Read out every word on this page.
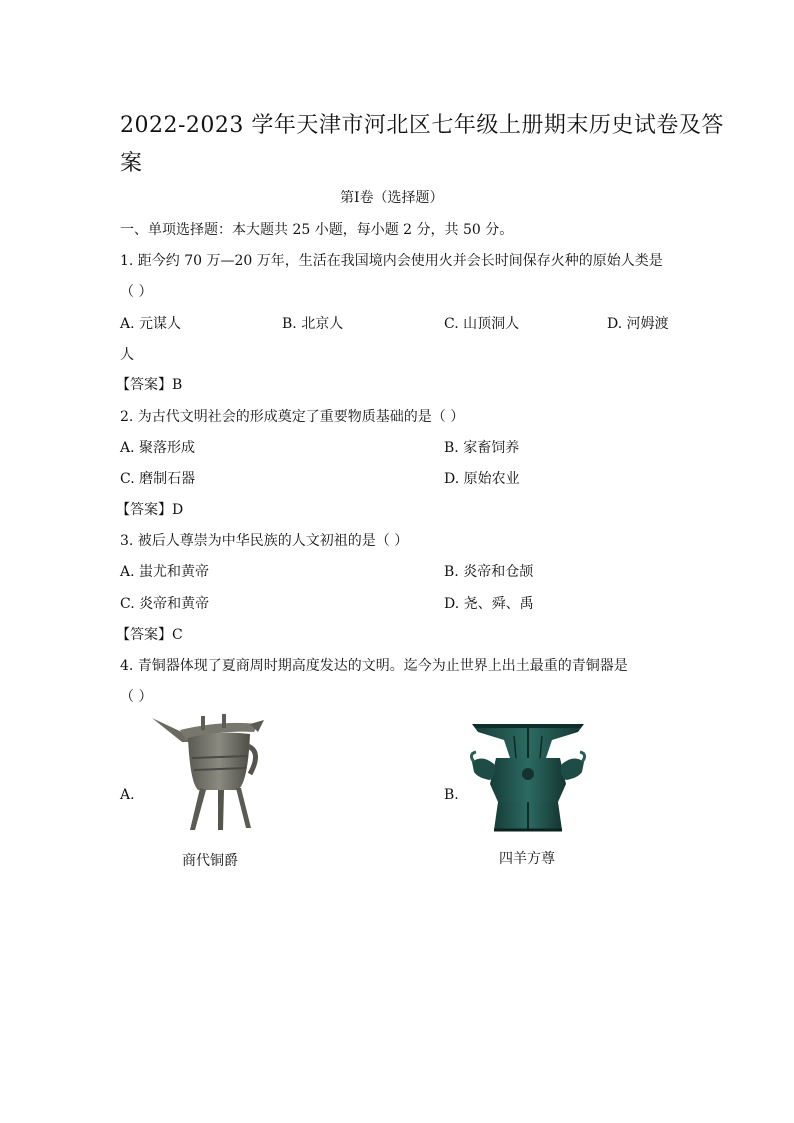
2022-2023 学年天津市河北区七年级上册期末历史试卷及答
案
第Ⅰ卷（选择题）
一、单项选择题：本大题共 25 小题，每小题 2 分，共 50 分。
1. 距今约 70 万—20 万年，生活在我国境内会使用火并会长时间保存火种的原始人类是
（ ）
A. 元谋人	B. 北京人	C. 山顶洞人	D. 河姆渡
人
【答案】B
2. 为古代文明社会的形成奠定了重要物质基础的是（ ）
A. 聚落形成	B. 家畜饲养
C. 磨制石器	D. 原始农业
【答案】D
3. 被后人尊崇为中华民族的人文初祖的是（ ）
A. 蚩尤和黄帝	B. 炎帝和仓颉
C. 炎帝和黄帝	D. 尧、舜、禹
【答案】C
4. 青铜器体现了夏商周时期高度发达的文明。迄今为止世界上出土最重的青铜器是
（ ）
A.	B.
商代铜爵	四羊方尊
